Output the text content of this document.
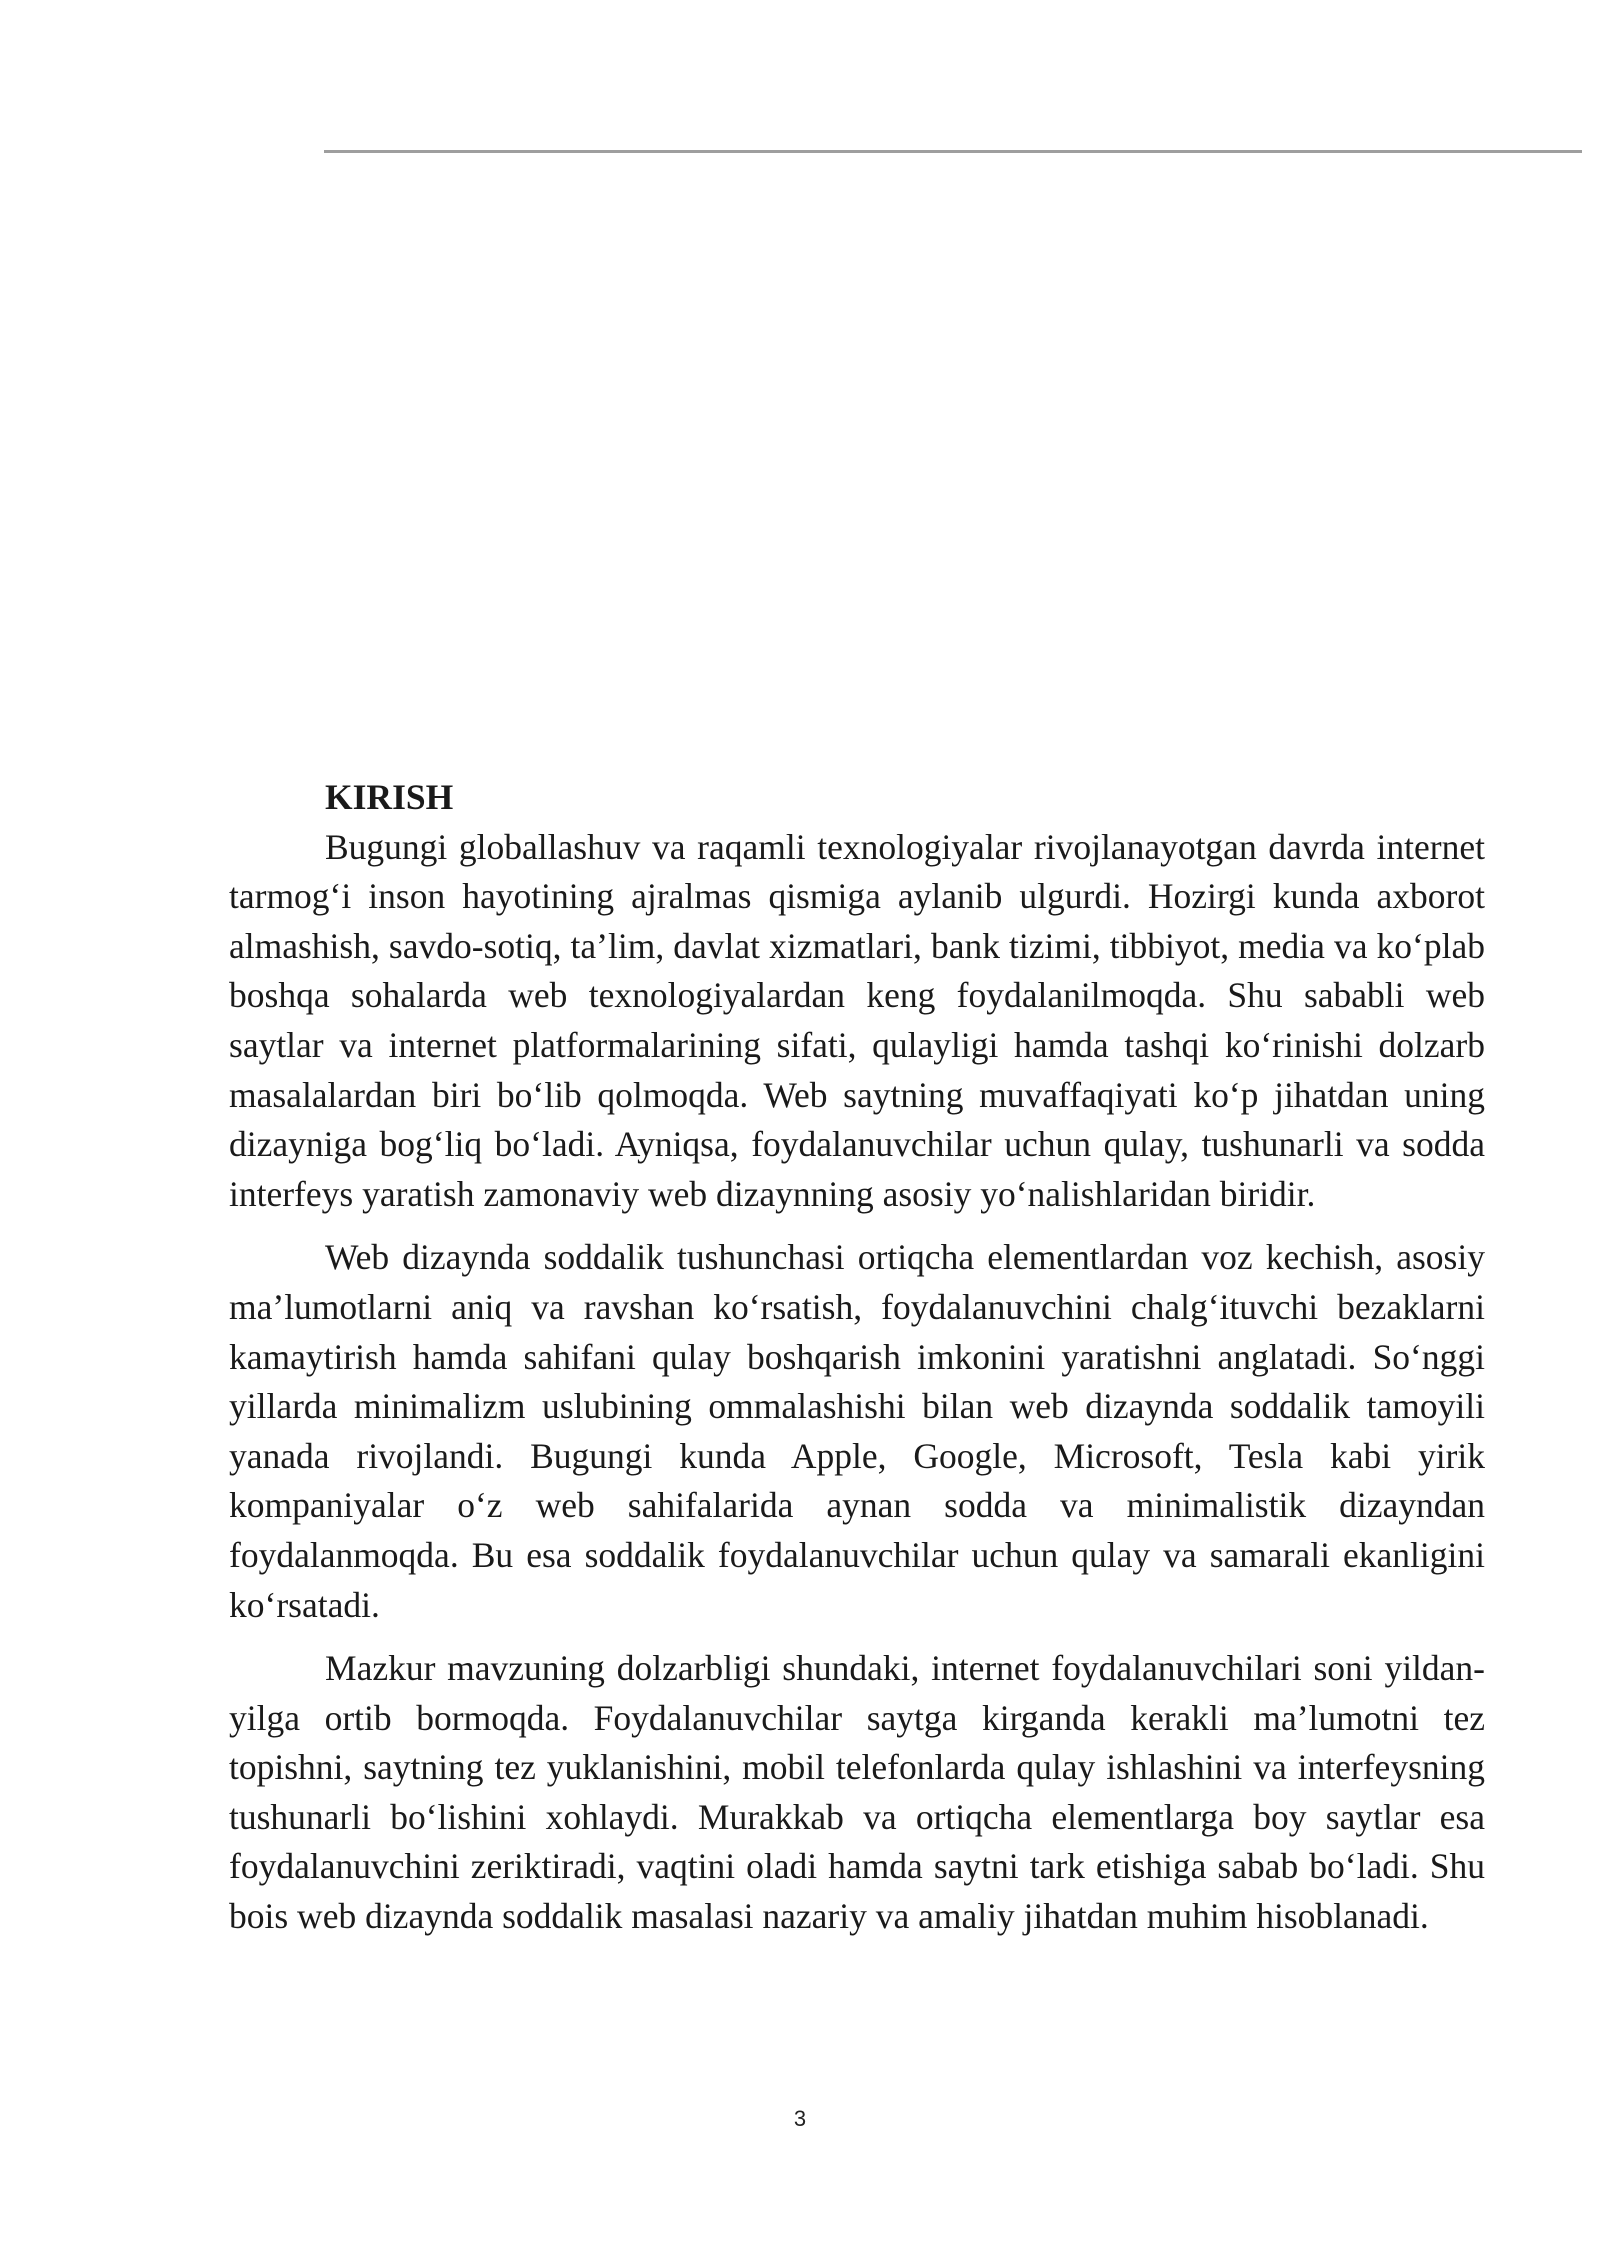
KIRISH

Bugungi globallashuv va raqamli texnologiyalar rivojlanayotgan davrda internet tarmog‘i inson hayotining ajralmas qismiga aylanib ulgurdi. Hozirgi kunda axborot almashish, savdo-sotiq, ta’lim, davlat xizmatlari, bank tizimi, tibbiyot, media va ko‘plab boshqa sohalarda web texnologiyalardan keng foydalanilmoqda. Shu sababli web saytlar va internet platformalarining sifati, qulayligi hamda tashqi ko‘rinishi dolzarb masalalardan biri bo‘lib qolmoqda. Web saytning muvaffaqiyati ko‘p jihatdan uning dizayniga bog‘liq bo‘ladi. Ayniqsa, foydalanuvchilar uchun qulay, tushunarli va sodda interfeys yaratish zamonaviy web dizaynning asosiy yo‘nalishlaridan biridir.

Web dizaynda soddalik tushunchasi ortiqcha elementlardan voz kechish, asosiy ma’lumotlarni aniq va ravshan ko‘rsatish, foydalanuvchini chalg‘ituvchi bezaklarni kamaytirish hamda sahifani qulay boshqarish imkonini yaratishni anglatadi. So‘nggi yillarda minimalizm uslubining ommalashishi bilan web dizaynda soddalik tamoyili yanada rivojlandi. Bugungi kunda Apple, Google, Microsoft, Tesla kabi yirik kompaniyalar o‘z web sahifalarida aynan sodda va minimalistik dizayndan foydalanmoqda. Bu esa soddalik foydalanuvchilar uchun qulay va samarali ekanligini ko‘rsatadi.

Mazkur mavzuning dolzarbligi shundaki, internet foydalanuvchilari soni yildan-yilga ortib bormoqda. Foydalanuvchilar saytga kirganda kerakli ma’lumotni tez topishni, saytning tez yuklanishini, mobil telefonlarda qulay ishlashini va interfeysning tushunarli bo‘lishini xohlaydi. Murakkab va ortiqcha elementlarga boy saytlar esa foydalanuvchini zeriktiradi, vaqtini oladi hamda saytni tark etishiga sabab bo‘ladi. Shu bois web dizaynda soddalik masalasi nazariy va amaliy jihatdan muhim hisoblanadi.

3
